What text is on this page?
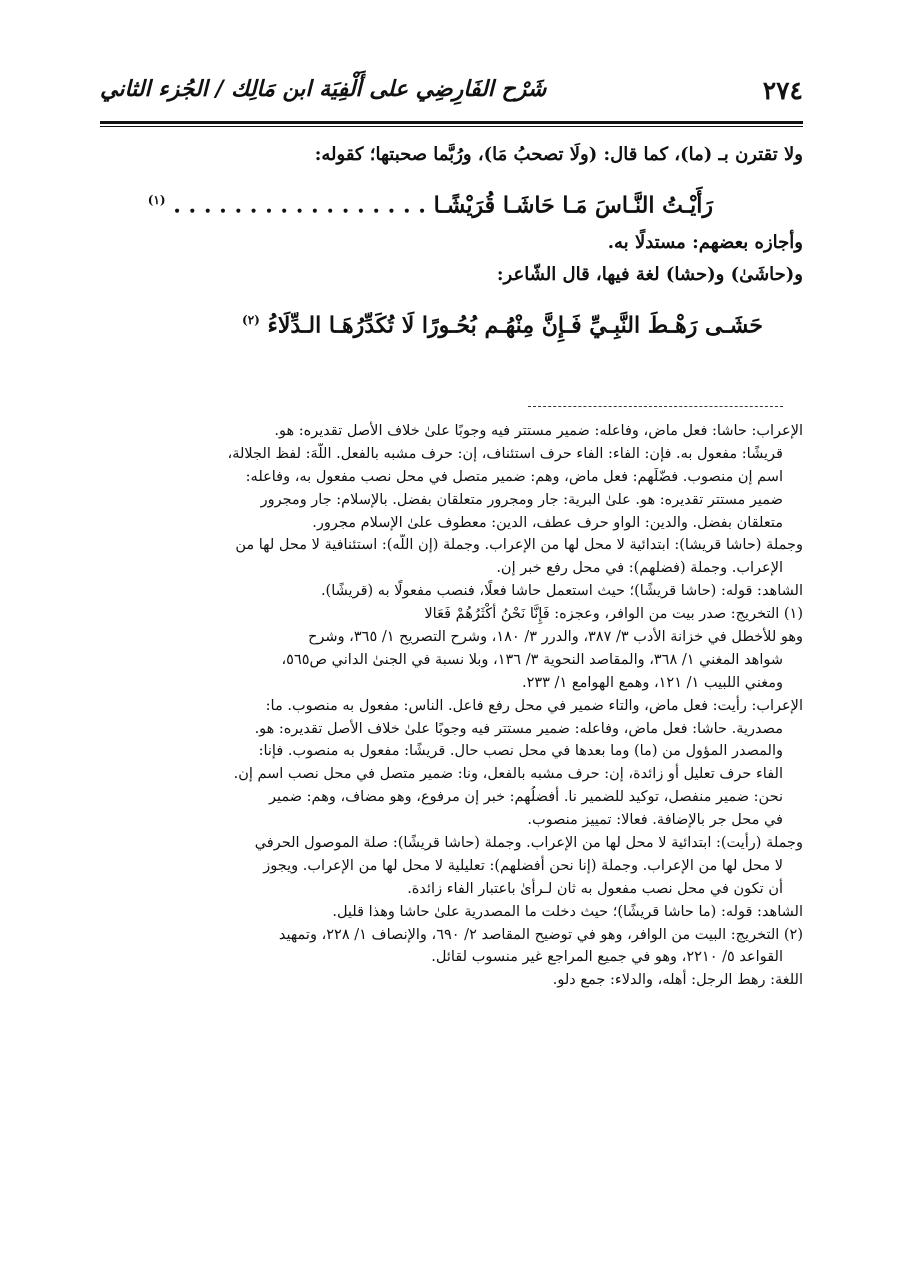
٢٧٤
شَرْح الفَارِضِي على أَلْفِيَة ابن مَالِك / الجُزء الثاني
ولا تقترن بـ (ما)، كما قال: (ولَا تصحبُ مَا)، ورُبَّما صحبتها؛ كقوله:
رَأَيْـتُ النَّـاسَ مَـا حَاشَـا قُرَيْشًـا . . . . . . . . . . . . . . . . . $^{(١)}$
وأجازه بعضهم: مستدلًا به.
و(حاشَىٰ) و(حشا) لغة فيها، قال الشّاعر:
حَشَـى رَهْـطَ النَّبِـيِّ فَـإِنَّ مِنْهُـم بُحُـورًا لَا تُكَدِّرُهَـا الـدِّلَاءُ $^{(٢)}$
الإعراب: حاشا: فعل ماض، وفاعله: ضمير مستتر فيه وجوبًا علىٰ خلاف الأصل تقديره: هو.
قريشًا: مفعول به. فإن: الفاء: الفاء حرف استئناف، إن: حرف مشبه بالفعل. اللَّهَ: لفظ الجلالة،
اسم إن منصوب. فضّلَهم: فعل ماض، وهم: ضمير متصل في محل نصب مفعول به، وفاعله:
ضمير مستتر تقديره: هو. علىٰ البرية: جار ومجرور متعلقان بفضل. بالإسلام: جار ومجرور
متعلقان بفضل. والدين: الواو حرف عطف، الدين: معطوف علىٰ الإسلام مجرور.
وجملة (حاشا قريشا): ابتدائية لا محل لها من الإعراب. وجملة (إن اللَّه): استئنافية لا محل لها من
الإعراب. وجملة (فضلهم): في محل رفع خبر إن.
الشاهد: قوله: (حاشا قريشًا)؛ حيث استعمل حاشا فعلًا، فنصب مفعولًا به (قريشًا).
(١) التخريج: صدر بيت من الوافر، وعجزه: فَإِنَّا نَحْنُ أَكْثَرُهُمْ فَعَالا
وهو للأخطل في خزانة الأدب ٣/ ٣٨٧، والدرر ٣/ ١٨٠، وشرح التصريح ١/ ٣٦٥، وشرح
شواهد المغني ١/ ٣٦٨، والمقاصد النحوية ٣/ ١٣٦، وبلا نسبة في الجنىٰ الداني ص٥٦٥،
ومغني اللبيب ١/ ١٢١، وهمع الهوامع ١/ ٢٣٣.
الإعراب: رأيت: فعل ماض، والتاء ضمير في محل رفع فاعل. الناس: مفعول به منصوب. ما:
مصدرية. حاشا: فعل ماض، وفاعله: ضمير مستتر فيه وجوبًا علىٰ خلاف الأصل تقديره: هو.
والمصدر المؤول من (ما) وما بعدها في محل نصب حال. قريشًا: مفعول به منصوب. فإنا:
الفاء حرف تعليل أو زائدة، إن: حرف مشبه بالفعل، ونا: ضمير متصل في محل نصب اسم إن.
نحن: ضمير منفصل، توكيد للضمير نا. أفضلُهم: خبر إن مرفوع، وهو مضاف، وهم: ضمير
في محل جر بالإضافة. فعالا: تمييز منصوب.
وجملة (رأيت): ابتدائية لا محل لها من الإعراب. وجملة (حاشا قريشًا): صلة الموصول الحرفي
لا محل لها من الإعراب. وجملة (إنا نحن أفضلهم): تعليلية لا محل لها من الإعراب. ويجوز
أن تكون في محل نصب مفعول به ثان لـرأىٰ باعتبار الفاء زائدة.
الشاهد: قوله: (ما حاشا قريشًا)؛ حيث دخلت ما المصدرية علىٰ حاشا وهذا قليل.
(٢) التخريج: البيت من الوافر، وهو في توضيح المقاصد ٢/ ٦٩٠، والإنصاف ١/ ٢٢٨، وتمهيد
القواعد ٥/ ٢٢١٠، وهو في جميع المراجع غير منسوب لقائل.
اللغة: رهط الرجل: أهله، والدلاء: جمع دلو.
